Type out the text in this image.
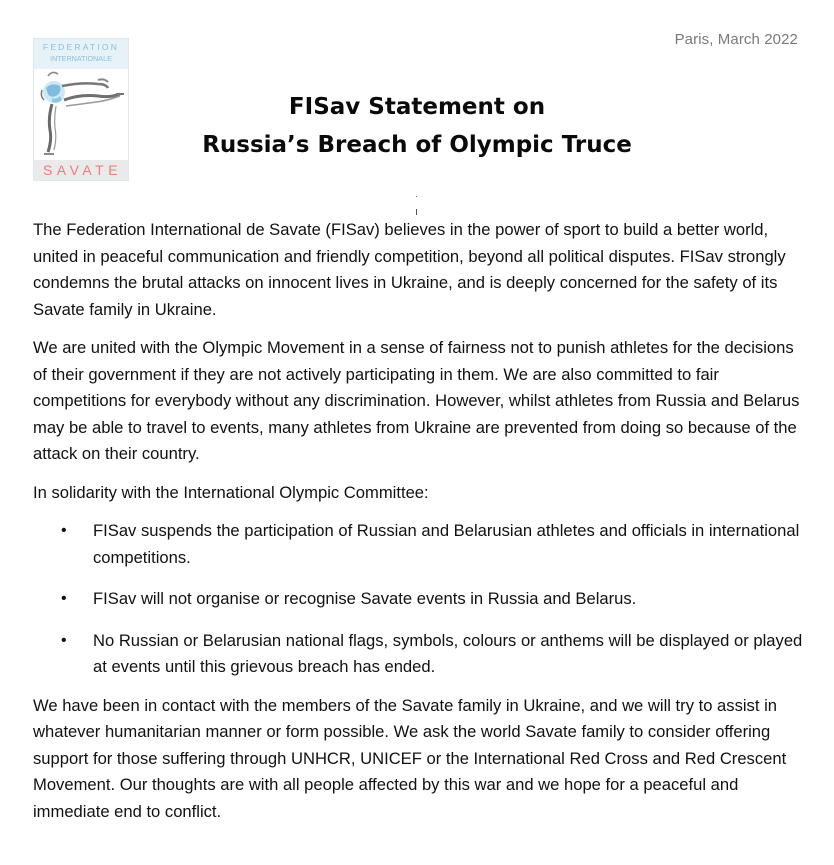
Paris, March 2022
FEDERATION
INTERNATIONALE
SAVATE
FISav Statement on
Russia’s Breach of Olympic Truce

The Federation International de Savate (FISav) believes in the power of sport to build a better world, united in peaceful communication and friendly competition, beyond all political disputes. FISav strongly condemns the brutal attacks on innocent lives in Ukraine, and is deeply concerned for the safety of its Savate family in Ukraine.

We are united with the Olympic Movement in a sense of fairness not to punish athletes for the decisions of their government if they are not actively participating in them. We are also committed to fair competitions for everybody without any discrimination. However, whilst athletes from Russia and Belarus may be able to travel to events, many athletes from Ukraine are prevented from doing so because of the attack on their country.

In solidarity with the International Olympic Committee:

• FISav suspends the participation of Russian and Belarusian athletes and officials in international competitions.
• FISav will not organise or recognise Savate events in Russia and Belarus.
• No Russian or Belarusian national flags, symbols, colours or anthems will be displayed or played at events until this grievous breach has ended.

We have been in contact with the members of the Savate family in Ukraine, and we will try to assist in whatever humanitarian manner or form possible. We ask the world Savate family to consider offering support for those suffering through UNHCR, UNICEF or the International Red Cross and Red Crescent Movement. Our thoughts are with all people affected by this war and we hope for a peaceful and immediate end to conflict.
